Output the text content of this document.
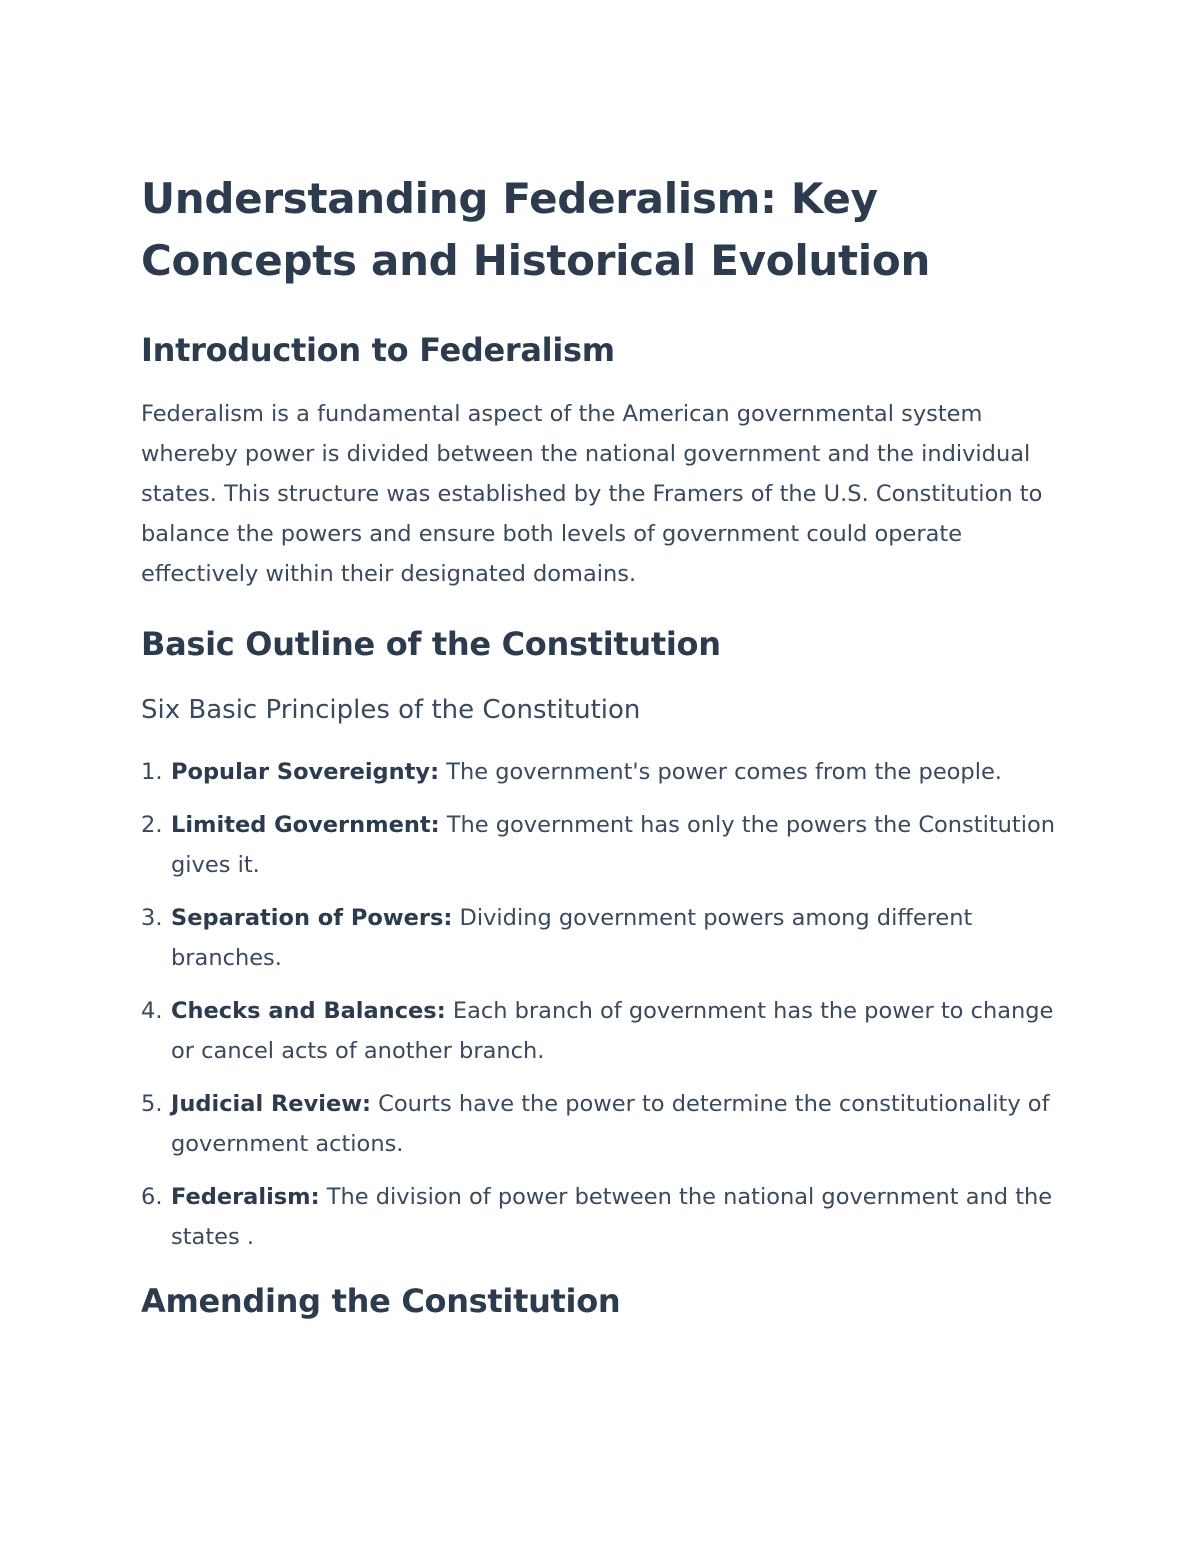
Understanding Federalism: Key Concepts and Historical Evolution
Introduction to Federalism

Federalism is a fundamental aspect of the American governmental system whereby power is divided between the national government and the individual states. This structure was established by the Framers of the U.S. Constitution to balance the powers and ensure both levels of government could operate effectively within their designated domains.

Basic Outline of the Constitution
Six Basic Principles of the Constitution
1. Popular Sovereignty: The government's power comes from the people.
2. Limited Government: The government has only the powers the Constitution gives it.
3. Separation of Powers: Dividing government powers among different branches.
4. Checks and Balances: Each branch of government has the power to change or cancel acts of another branch.
5. Judicial Review: Courts have the power to determine the constitutionality of government actions.
6. Federalism: The division of power between the national government and the states .
Amending the Constitution
